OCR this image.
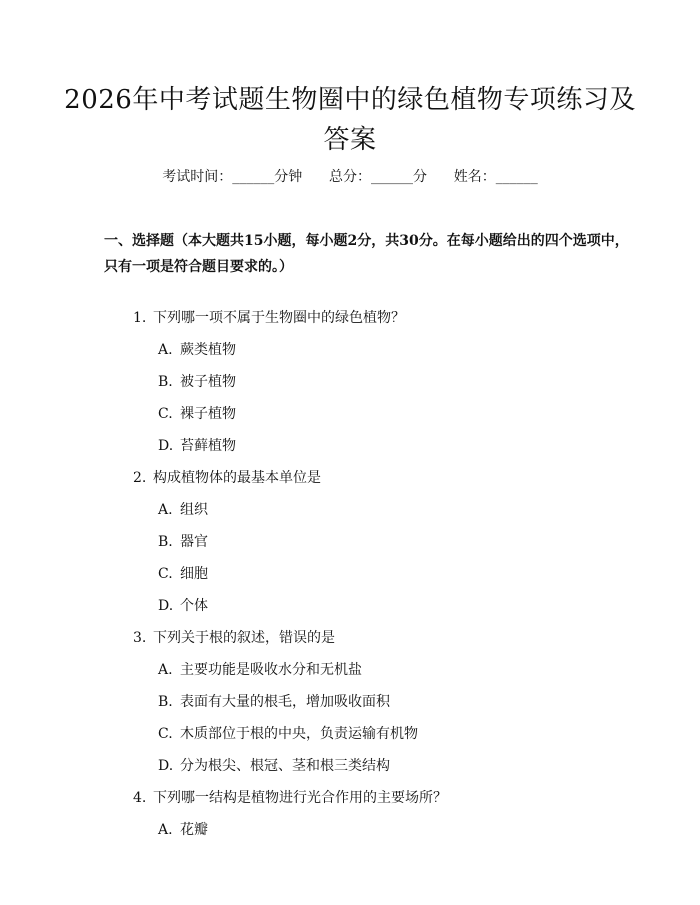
2026年中考试题生物圈中的绿色植物专项练习及答案
考试时间：______分钟 总分：______分 姓名：______
一、选择题（本大题共15小题，每小题2分，共30分。在每小题给出的四个选项中，只有一项是符合题目要求的。）
1. 下列哪一项不属于生物圈中的绿色植物？
A. 蕨类植物
B. 被子植物
C. 裸子植物
D. 苔藓植物
2. 构成植物体的最基本单位是
A. 组织
B. 器官
C. 细胞
D. 个体
3. 下列关于根的叙述，错误的是
A. 主要功能是吸收水分和无机盐
B. 表面有大量的根毛，增加吸收面积
C. 木质部位于根的中央，负责运输有机物
D. 分为根尖、根冠、茎和根三类结构
4. 下列哪一结构是植物进行光合作用的主要场所？
A. 花瓣
